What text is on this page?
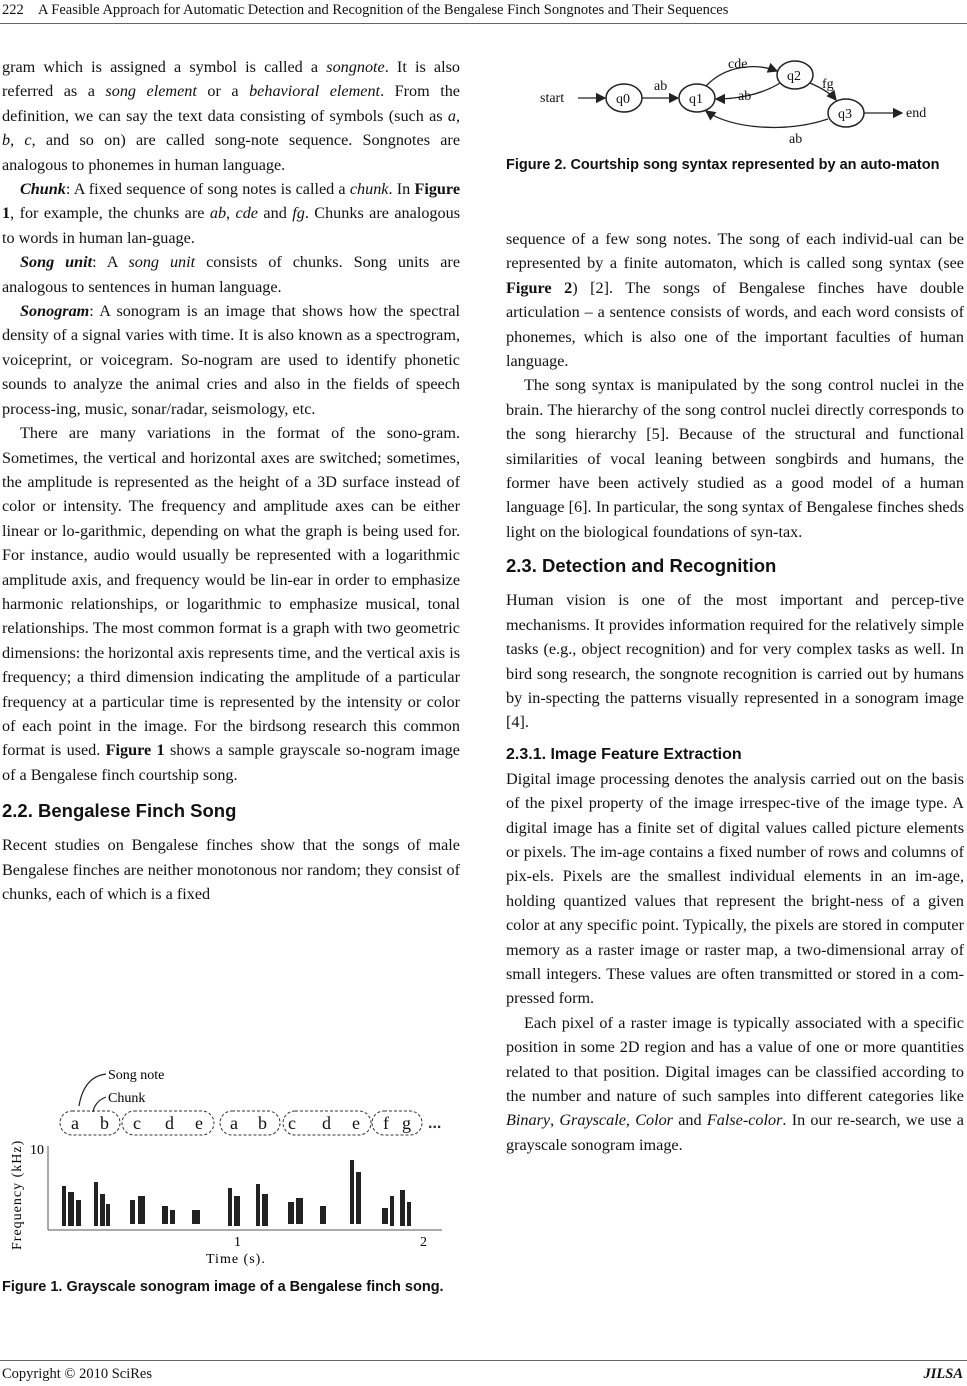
222 A Feasible Approach for Automatic Detection and Recognition of the Bengalese Finch Songnotes and Their Sequences

gram which is assigned a symbol is called a songnote. It is also referred as a song element or a behavioral element. From the definition, we can say the text data consisting of symbols (such as a, b, c, and so on) are called song-note sequence. Songnotes are analogous to phonemes in human language.

Chunk: A fixed sequence of song notes is called a chunk. In Figure 1, for example, the chunks are ab, cde and fg. Chunks are analogous to words in human lan-guage.

Song unit: A song unit consists of chunks. Song units are analogous to sentences in human language.

Sonogram: A sonogram is an image that shows how the spectral density of a signal varies with time. It is also known as a spectrogram, voiceprint, or voicegram. So-nogram are used to identify phonetic sounds to analyze the animal cries and also in the fields of speech process-ing, music, sonar/radar, seismology, etc.

There are many variations in the format of the sono-gram. Sometimes, the vertical and horizontal axes are switched; sometimes, the amplitude is represented as the height of a 3D surface instead of color or intensity. The frequency and amplitude axes can be either linear or lo-garithmic, depending on what the graph is being used for. For instance, audio would usually be represented with a logarithmic amplitude axis, and frequency would be lin-ear in order to emphasize harmonic relationships, or logarithmic to emphasize musical, tonal relationships. The most common format is a graph with two geometric dimensions: the horizontal axis represents time, and the vertical axis is frequency; a third dimension indicating the amplitude of a particular frequency at a particular time is represented by the intensity or color of each point in the image. For the birdsong research this common format is used. Figure 1 shows a sample grayscale so-nogram image of a Bengalese finch courtship song.

2.2. Bengalese Finch Song

Recent studies on Bengalese finches show that the songs of male Bengalese finches are neither monotonous nor random; they consist of chunks, each of which is a fixed

Song note
Chunk
a b c d e a b c d e f g ...
Frequency (kHz) 10
1	2
Time (s).
Figure 1. Grayscale sonogram image of a Bengalese finch song.
start
end
q0	q1
q2
q3
ab
cde
ab
fg
ab
Figure 2. Courtship song syntax represented by an auto-maton

sequence of a few song notes. The song of each individ-ual can be represented by a finite automaton, which is called song syntax (see Figure 2) [2]. The songs of Bengalese finches have double articulation – a sentence consists of words, and each word consists of phonemes, which is also one of the important faculties of human language.

The song syntax is manipulated by the song control nuclei in the brain. The hierarchy of the song control nuclei directly corresponds to the song hierarchy [5]. Because of the structural and functional similarities of vocal leaning between songbirds and humans, the former have been actively studied as a good model of a human language [6]. In particular, the song syntax of Bengalese finches sheds light on the biological foundations of syn-tax.

2.3. Detection and Recognition

Human vision is one of the most important and percep-tive mechanisms. It provides information required for the relatively simple tasks (e.g., object recognition) and for very complex tasks as well. In bird song research, the songnote recognition is carried out by humans by in-specting the patterns visually represented in a sonogram image [4].

2.3.1. Image Feature Extraction

Digital image processing denotes the analysis carried out on the basis of the pixel property of the image irrespec-tive of the image type. A digital image has a finite set of digital values called picture elements or pixels. The im-age contains a fixed number of rows and columns of pix-els. Pixels are the smallest individual elements in an im-age, holding quantized values that represent the bright-ness of a given color at any specific point. Typically, the pixels are stored in computer memory as a raster image or raster map, a two-dimensional array of small integers. These values are often transmitted or stored in a com-pressed form.

Each pixel of a raster image is typically associated with a specific position in some 2D region and has a value of one or more quantities related to that position. Digital images can be classified according to the number and nature of such samples into different categories like Binary, Grayscale, Color and False-color. In our re-search, we use a grayscale sonogram image.

Copyright © 2010 SciRes	JILSA
